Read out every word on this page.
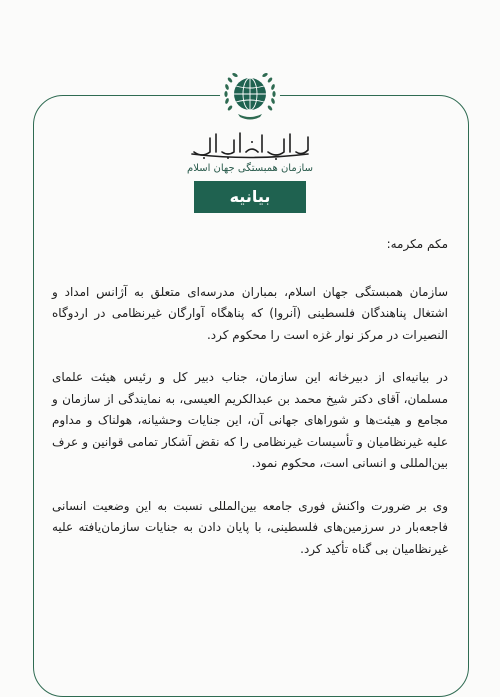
سازمان همبستگی جهان اسلام
بیانیه

مکم مکرمه:

سازمان همبستگی جهان اسلام، بمباران مدرسه‌ای متعلق به آژانس امداد و اشتغال پناهندگان فلسطینی (آنروا) که پناهگاه آوارگان غیرنظامی در اردوگاه النصیرات در مرکز نوار غزه است را محکوم کرد.

در بیانیه‌ای از دبیرخانه این سازمان، جناب دبیر کل و رئیس هیئت علمای مسلمان، آقای دکتر شیخ محمد بن عبدالکریم العیسی، به نمایندگی از سازمان و مجامع و هیئت‌ها و شوراهای جهانی آن، این جنایات وحشیانه، هولناک و مداوم علیه غیرنظامیان و تأسیسات غیرنظامی را که نقض آشکار تمامی قوانین و عرف بین‌المللی و انسانی است، محکوم نمود.

وی بر ضرورت واکنش فوری جامعه بین‌المللی نسبت به این وضعیت انسانی فاجعه‌بار در سرزمین‌های فلسطینی، با پایان دادن به جنایات سازمان‌یافته علیه غیرنظامیان بی گناه تأکید کرد.
